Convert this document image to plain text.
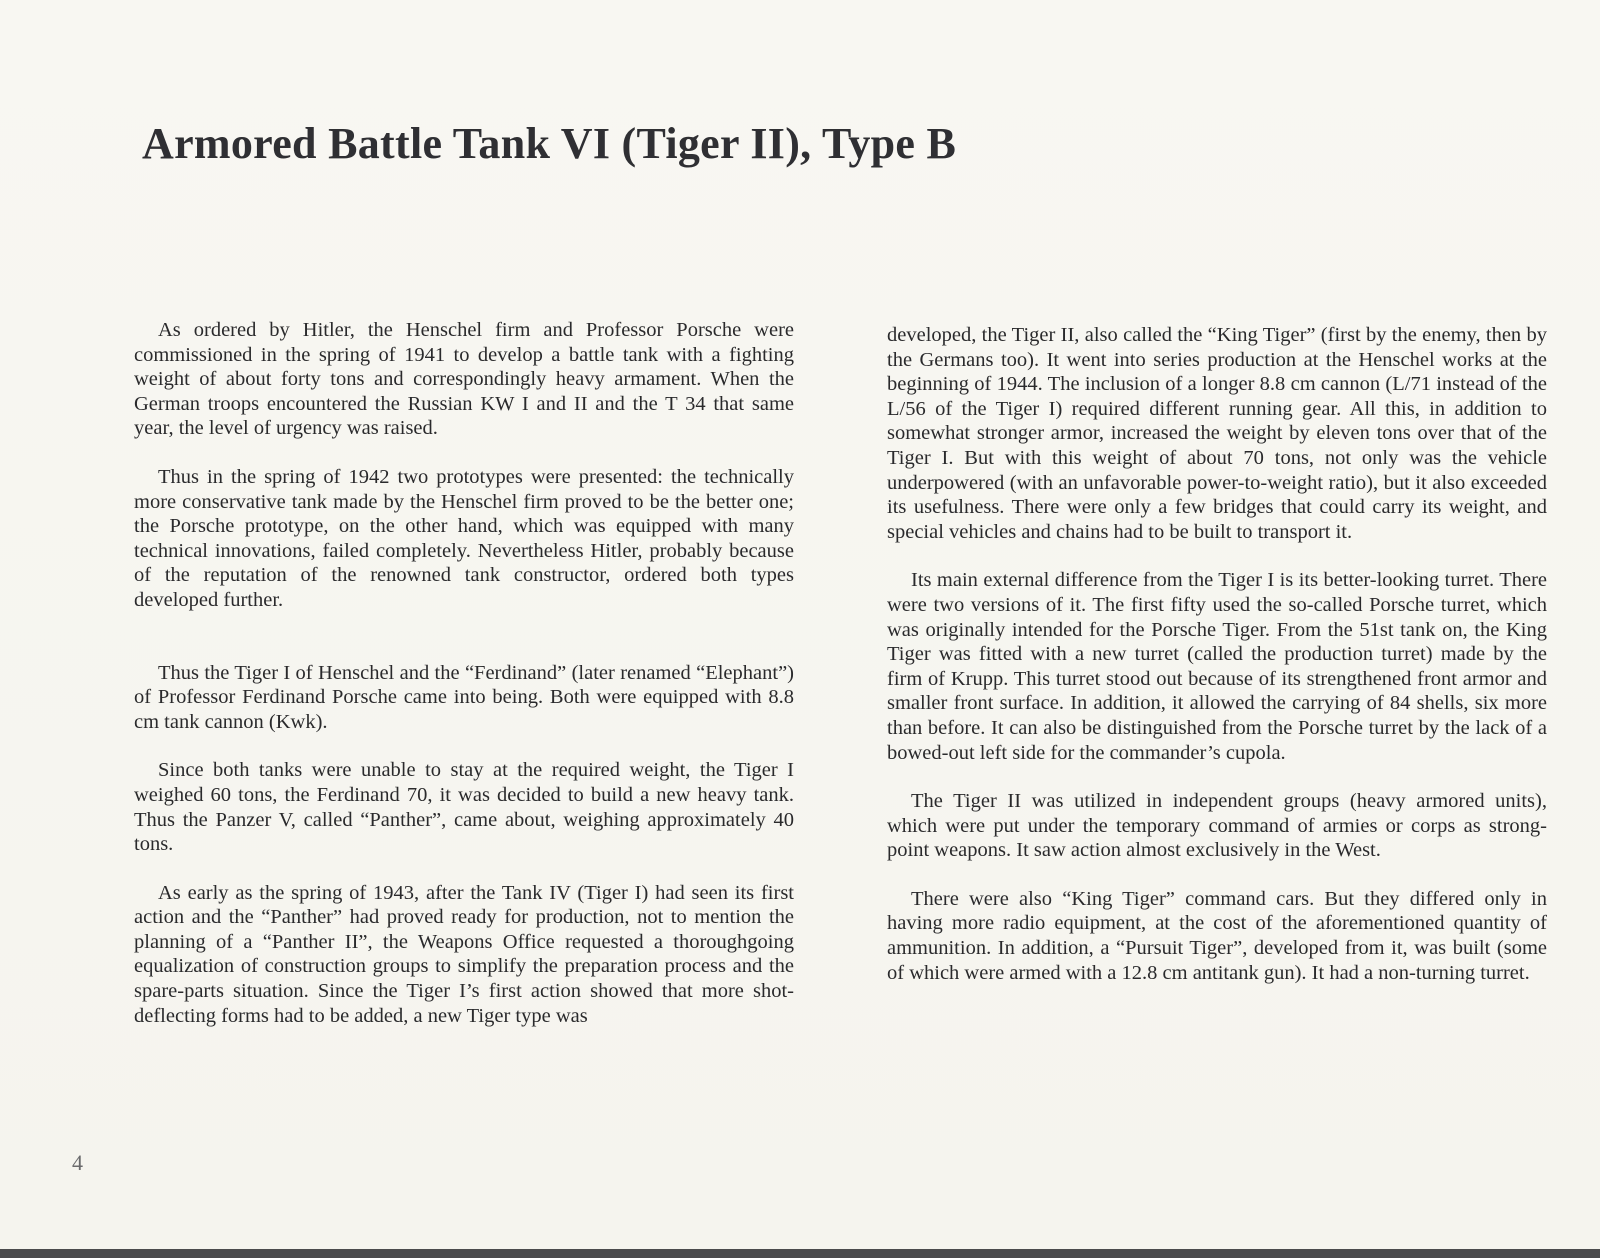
Armored Battle Tank VI (Tiger II), Type B

As ordered by Hitler, the Henschel firm and Professor Porsche were commissioned in the spring of 1941 to develop a battle tank with a fighting weight of about forty tons and correspondingly heavy armament. When the German troops encountered the Russian KW I and II and the T 34 that same year, the level of urgency was raised.

Thus in the spring of 1942 two prototypes were presented: the technically more conservative tank made by the Henschel firm proved to be the better one; the Porsche prototype, on the other hand, which was equipped with many technical innovations, failed completely. Nevertheless Hitler, probably because of the reputation of the renowned tank constructor, ordered both types developed further.

Thus the Tiger I of Henschel and the “Ferdinand” (later renamed “Elephant”) of Professor Ferdinand Porsche came into being. Both were equipped with 8.8 cm tank cannon (Kwk).

Since both tanks were unable to stay at the required weight, the Tiger I weighed 60 tons, the Ferdinand 70, it was decided to build a new heavy tank. Thus the Panzer V, called “Panther”, came about, weighing approximately 40 tons.

As early as the spring of 1943, after the Tank IV (Tiger I) had seen its first action and the “Panther” had proved ready for production, not to mention the planning of a “Panther II”, the Weapons Office requested a thoroughgoing equalization of construction groups to simplify the preparation process and the spare-parts situation. Since the Tiger I’s first action showed that more shot-deflecting forms had to be added, a new Tiger type was

developed, the Tiger II, also called the “King Tiger” (first by the enemy, then by the Germans too). It went into series production at the Henschel works at the beginning of 1944. The inclusion of a longer 8.8 cm cannon (L/71 instead of the L/56 of the Tiger I) required different running gear. All this, in addition to somewhat stronger armor, increased the weight by eleven tons over that of the Tiger I. But with this weight of about 70 tons, not only was the vehicle underpowered (with an unfavorable power-to-weight ratio), but it also exceeded its usefulness. There were only a few bridges that could carry its weight, and special vehicles and chains had to be built to transport it.

Its main external difference from the Tiger I is its better-looking turret. There were two versions of it. The first fifty used the so-called Porsche turret, which was originally intended for the Porsche Tiger. From the 51st tank on, the King Tiger was fitted with a new turret (called the production turret) made by the firm of Krupp. This turret stood out because of its strengthened front armor and smaller front surface. In addition, it allowed the carrying of 84 shells, six more than before. It can also be distinguished from the Porsche turret by the lack of a bowed-out left side for the commander’s cupola.

The Tiger II was utilized in independent groups (heavy armored units), which were put under the temporary command of armies or corps as strong-point weapons. It saw action almost exclusively in the West.

There were also “King Tiger” command cars. But they differed only in having more radio equipment, at the cost of the aforementioned quantity of ammunition. In addition, a “Pursuit Tiger”, developed from it, was built (some of which were armed with a 12.8 cm antitank gun). It had a non-turning turret.

4
